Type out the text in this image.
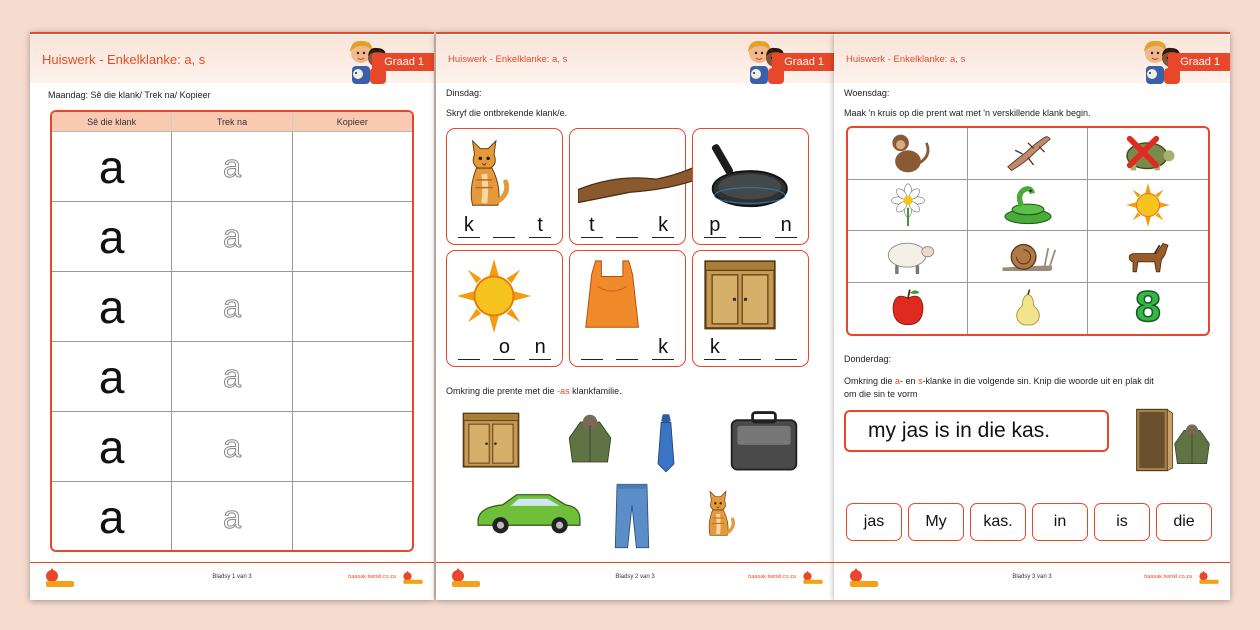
Huiswerk - Enkelklanke: a, s	Graad 1
Maandag: Sê die klank/ Trek na/ Kopieer
Sê die klank	Trek na	Kopieer
a	a
a	a
a	a
a	a
a	a
a	a
Bladsy 1 van 3	baasak twinkl.co.za
Huiswerk - Enkelklanke: a, s	Graad 1
Dinsdag:
Skryf die ontbrekende klank/e.
k	t	t	k	p	n
o n	k	k
Omkring die prente met die -as klankfamilie.
Bladsy 2 van 3	baasak twinkl.co.za
Huiswerk - Enkelklanke: a, s	Graad 1
Woensdag:
Maak 'n kruis op die prent wat met 'n verskillende klank begin.
8
Donderdag:
Omkring die a- en s-klanke in die volgende sin. Knip die woorde uit en plak dit
om die sin te vorm
my jas is in die kas.
jas	My	kas.	in	is	die
Bladsy 3 van 3	baasak twinkl.co.za
